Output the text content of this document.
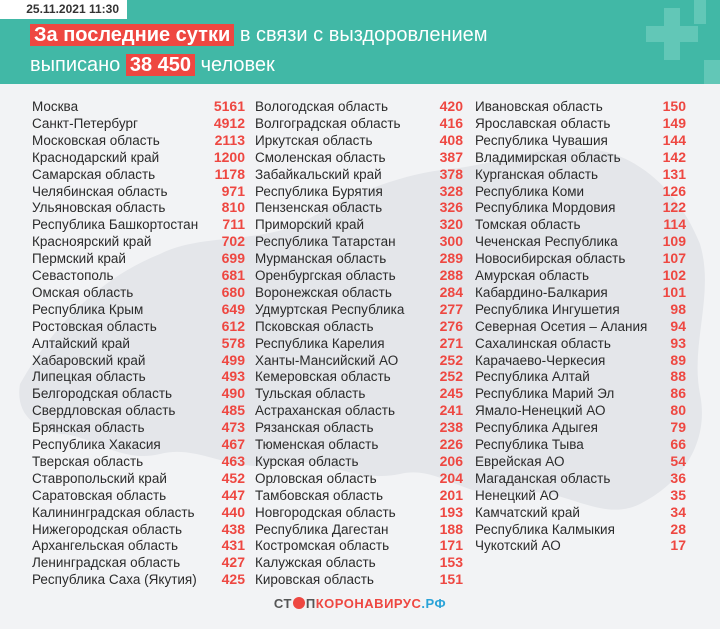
25.11.2021 11:30
За последние сутки в связи с выздоровлением
выписано 38 450 человек
Москва	5161
Санкт-Петербург	4912
Московская область	2113
Краснодарский край	1200
Самарская область	1178
Челябинская область	971
Ульяновская область	810
Республика Башкортостан 711
Красноярский край	702
Пермский край	699
Севастополь	681
Омская область	680
Республика Крым	649
Ростовская область	612
Алтайский край	578
Хабаровский край	499
Липецкая область	493
Белгородская область	490
Свердловская область	485
Брянская область	473
Республика Хакасия	467
Тверская область	463
Ставропольский край	452
Саратовская область	447
Калининградская область 440
Нижегородская область	438
Архангельская область	431
Ленинградская область	427
Республика Саха (Якутия) 425
Вологодская область	420
Волгоградская область	416
Иркутская область	408
Смоленская область	387
Забайкальский край	378
Республика Бурятия	328
Пензенская область	326
Приморский край	320
Республика Татарстан	300
Мурманская область	289
Оренбургская область	288
Воронежская область	284
Удмуртская Республика	277
Псковская область	276
Республика Карелия	271
Ханты-Мансийский АО	252
Кемеровская область	252
Тульская область	245
Астраханская область	241
Рязанская область	238
Тюменская область	226
Курская область	206
Орловская область	204
Тамбовская область	201
Новгородская область	193
Республика Дагестан	188
Костромская область	171
Калужская область	153
Кировская область	151
Ивановская область	150
Ярославская область	149
Республика Чувашия	144
Владимирская область	142
Курганская область	131
Республика Коми	126
Республика Мордовия	122
Томская область	114
Чеченская Республика	109
Новосибирская область	107
Амурская область	102
Кабардино-Балкария	101
Республика Ингушетия	98
Северная Осетия – Алания 94
Сахалинская область	93
Карачаево-Черкесия	89
Республика Алтай	88
Республика Марий Эл	86
Ямало-Ненецкий АО	80
Республика Адыгея	79
Республика Тыва	66
Еврейская АО	54
Магаданская область	36
Ненецкий АО	35
Камчатский край	34
Республика Калмыкия	28
Чукотский АО	17
СТ ПКОРОНАВИРУС.РФ
